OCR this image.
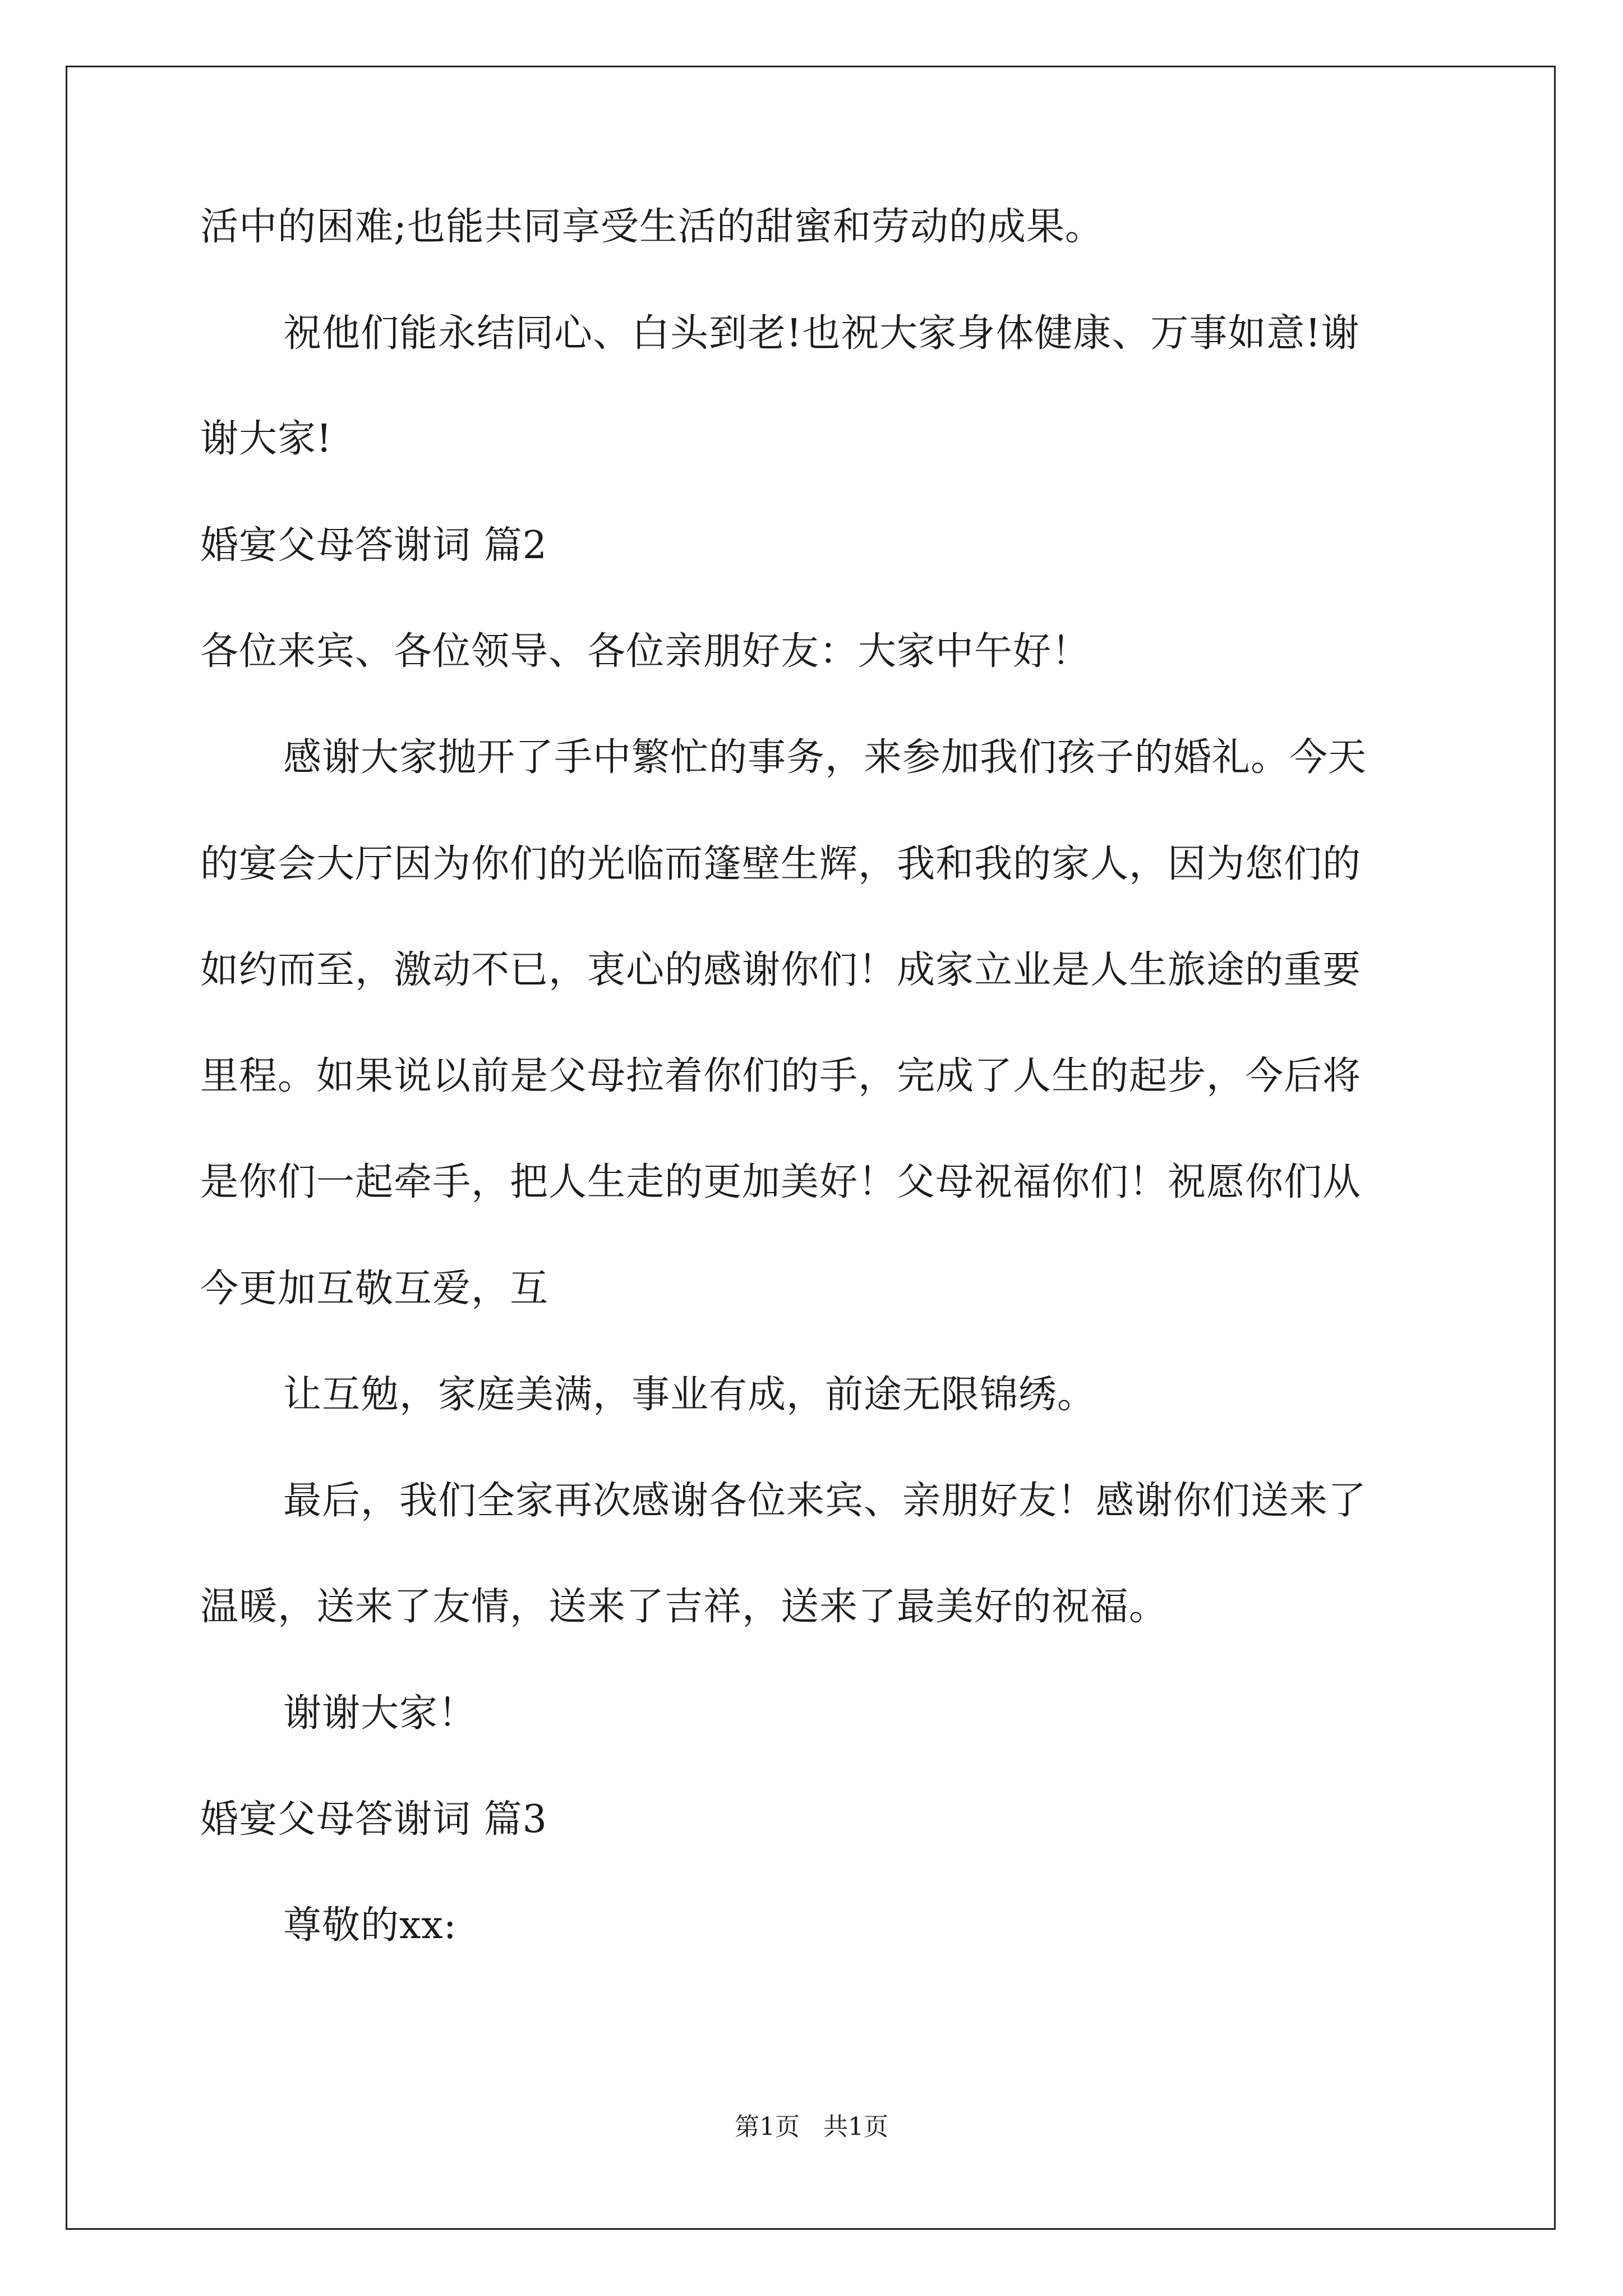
活中的困难;也能共同享受生活的甜蜜和劳动的成果。
祝他们能永结同心、白头到老!也祝大家身体健康、万事如意!谢
谢大家!
婚宴父母答谢词 篇2
各位来宾、各位领导、各位亲朋好友：大家中午好！
感谢大家抛开了手中繁忙的事务，来参加我们孩子的婚礼。今天
的宴会大厅因为你们的光临而篷壁生辉，我和我的家人，因为您们的
如约而至，激动不已，衷心的感谢你们！成家立业是人生旅途的重要
里程。如果说以前是父母拉着你们的手，完成了人生的起步，今后将
是你们一起牵手，把人生走的更加美好！父母祝福你们！祝愿你们从
今更加互敬互爱，互
让互勉，家庭美满，事业有成，前途无限锦绣。
最后，我们全家再次感谢各位来宾、亲朋好友！感谢你们送来了
温暖，送来了友情，送来了吉祥，送来了最美好的祝福。
谢谢大家！
婚宴父母答谢词 篇3
尊敬的xx:
第1页   共1页
